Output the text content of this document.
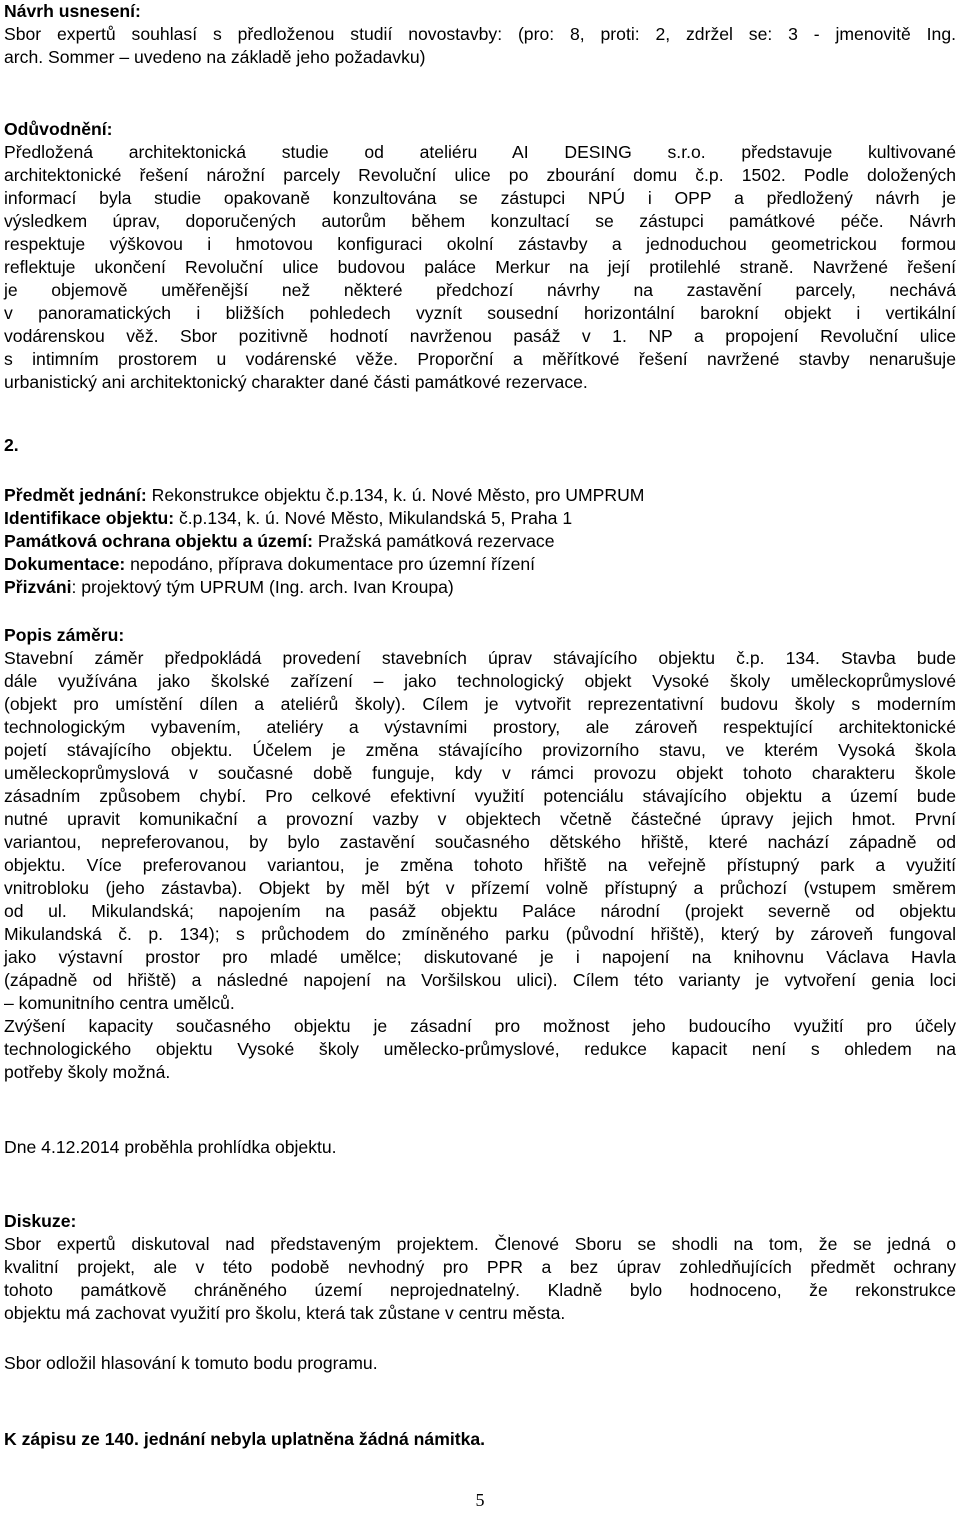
Návrh usnesení:
Sbor expertů souhlasí s předloženou studií novostavby: (pro: 8, proti: 2, zdržel se: 3 - jmenovitě Ing.
arch. Sommer – uvedeno na základě jeho požadavku)
Odůvodnění:
Předložená architektonická studie od ateliéru AI DESING s.r.o. představuje kultivované
architektonické řešení nárožní parcely Revoluční ulice po zbourání domu č.p. 1502. Podle doložených
informací byla studie opakovaně konzultována se zástupci NPÚ i OPP a předložený návrh je
výsledkem úprav, doporučených autorům během konzultací se zástupci památkové péče. Návrh
respektuje výškovou i hmotovou konfiguraci okolní zástavby a jednoduchou geometrickou formou
reflektuje ukončení Revoluční ulice budovou paláce Merkur na její protilehlé straně. Navržené řešení
je objemově uměřenější než některé předchozí návrhy na zastavění parcely, nechává
v panoramatických i bližších pohledech vyznít sousední horizontální barokní objekt i vertikální
vodárenskou věž. Sbor pozitivně hodnotí navrženou pasáž v 1. NP a propojení Revoluční ulice
s intimním prostorem u vodárenské věže. Proporční a měřítkové řešení navržené stavby nenarušuje
urbanistický ani architektonický charakter dané části památkové rezervace.
2.
Předmět jednání: Rekonstrukce objektu č.p.134, k. ú. Nové Město, pro UMPRUM
Identifikace objektu: č.p.134, k. ú. Nové Město, Mikulandská 5, Praha 1
Památková ochrana objektu a území: Pražská památková rezervace
Dokumentace: nepodáno, příprava dokumentace pro územní řízení
Přizváni: projektový tým UPRUM (Ing. arch. Ivan Kroupa)
Popis záměru:
Stavební záměr předpokládá provedení stavebních úprav stávajícího objektu č.p. 134. Stavba bude
dále využívána jako školské zařízení – jako technologický objekt Vysoké školy uměleckoprůmyslové
(objekt pro umístění dílen a ateliérů školy). Cílem je vytvořit reprezentativní budovu školy s moderním
technologickým vybavením, ateliéry a výstavními prostory, ale zároveň respektující architektonické
pojetí stávajícího objektu. Účelem je změna stávajícího provizorního stavu, ve kterém Vysoká škola
uměleckoprůmyslová v současné době funguje, kdy v rámci provozu objekt tohoto charakteru škole
zásadním způsobem chybí. Pro celkové efektivní využití potenciálu stávajícího objektu a území bude
nutné upravit komunikační a provozní vazby v objektech včetně částečné úpravy jejich hmot. První
variantou, nepreferovanou, by bylo zastavění současného dětského hřiště, které nachází západně od
objektu. Více preferovanou variantou, je změna tohoto hřiště na veřejně přístupný park a využití
vnitrobloku (jeho zástavba). Objekt by měl být v přízemí volně přístupný a průchozí (vstupem směrem
od ul. Mikulandská; napojením na pasáž objektu Paláce národní (projekt severně od objektu
Mikulandská č. p. 134); s průchodem do zmíněného parku (původní hřiště), který by zároveň fungoval
jako výstavní prostor pro mladé umělce; diskutované je i napojení na knihovnu Václava Havla
(západně od hřiště) a následné napojení na Voršilskou ulici). Cílem této varianty je vytvoření genia loci
– komunitního centra umělců.
Zvýšení kapacity současného objektu je zásadní pro možnost jeho budoucího využití pro účely
technologického objektu Vysoké školy umělecko-průmyslové, redukce kapacit není s ohledem na
potřeby školy možná.
Dne 4.12.2014 proběhla prohlídka objektu.
Diskuze:
Sbor expertů diskutoval nad představeným projektem. Členové Sboru se shodli na tom, že se jedná o
kvalitní projekt, ale v této podobě nevhodný pro PPR a bez úprav zohledňujících předmět ochrany
tohoto památkově chráněného území neprojednatelný. Kladně bylo hodnoceno, že rekonstrukce
objektu má zachovat využití pro školu, která tak zůstane v centru města.
Sbor odložil hlasování k tomuto bodu programu.
K zápisu ze 140. jednání nebyla uplatněna žádná námitka.
5
